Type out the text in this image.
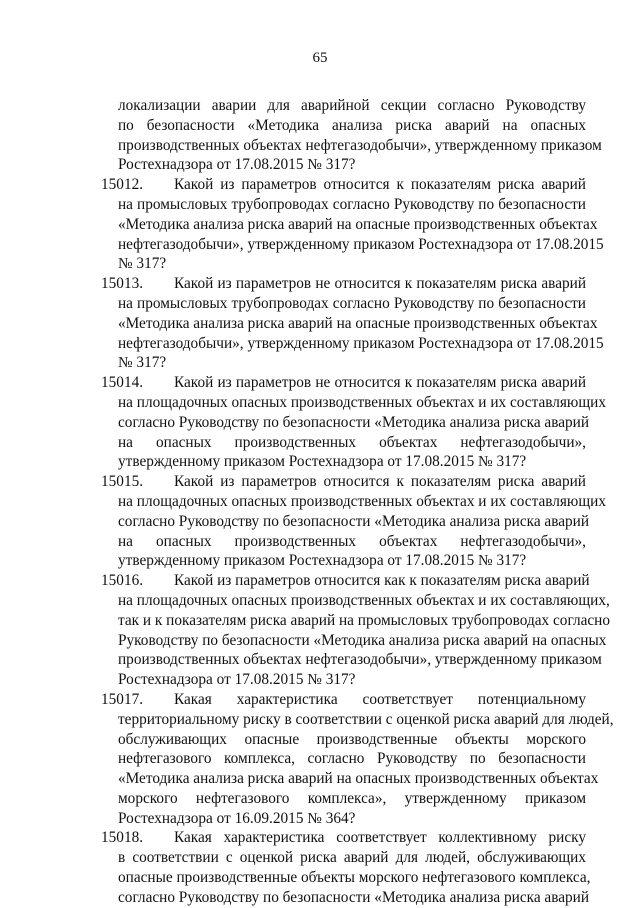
65
локализации аварии для аварийной секции согласно Руководству
по безопасности «Методика анализа риска аварий на опасных
производственных объектах нефтегазодобычи», утвержденному приказом
Ростехнадзора от 17.08.2015 № 317?
15012.	Какой из параметров относится к показателям риска аварий
на промысловых трубопроводах согласно Руководству по безопасности
«Методика анализа риска аварий на опасные производственных объектах
нефтегазодобычи», утвержденному приказом Ростехнадзора от 17.08.2015
№ 317?
15013.	Какой из параметров не относится к показателям риска аварий
на промысловых трубопроводах согласно Руководству по безопасности
«Методика анализа риска аварий на опасные производственных объектах
нефтегазодобычи», утвержденному приказом Ростехнадзора от 17.08.2015
№ 317?
15014.	Какой из параметров не относится к показателям риска аварий
на площадочных опасных производственных объектах и их составляющих
согласно Руководству по безопасности «Методика анализа риска аварий
на опасных производственных объектах нефтегазодобычи»,
утвержденному приказом Ростехнадзора от 17.08.2015 № 317?
15015.	Какой из параметров относится к показателям риска аварий
на площадочных опасных производственных объектах и их составляющих
согласно Руководству по безопасности «Методика анализа риска аварий
на опасных производственных объектах нефтегазодобычи»,
утвержденному приказом Ростехнадзора от 17.08.2015 № 317?
15016.	Какой из параметров относится как к показателям риска аварий
на площадочных опасных производственных объектах и их составляющих,
так и к показателям риска аварий на промысловых трубопроводах согласно
Руководству по безопасности «Методика анализа риска аварий на опасных
производственных объектах нефтегазодобычи», утвержденному приказом
Ростехнадзора от 17.08.2015 № 317?
15017.	Какая характеристика соответствует потенциальному
территориальному риску в соответствии с оценкой риска аварий для людей,
обслуживающих опасные производственные объекты морского
нефтегазового комплекса, согласно Руководству по безопасности
«Методика анализа риска аварий на опасных производственных объектах
морского нефтегазового комплекса», утвержденному приказом
Ростехнадзора от 16.09.2015 № 364?
15018.	Какая характеристика соответствует коллективному риску
в соответствии с оценкой риска аварий для людей, обслуживающих
опасные производственные объекты морского нефтегазового комплекса,
согласно Руководству по безопасности «Методика анализа риска аварий
